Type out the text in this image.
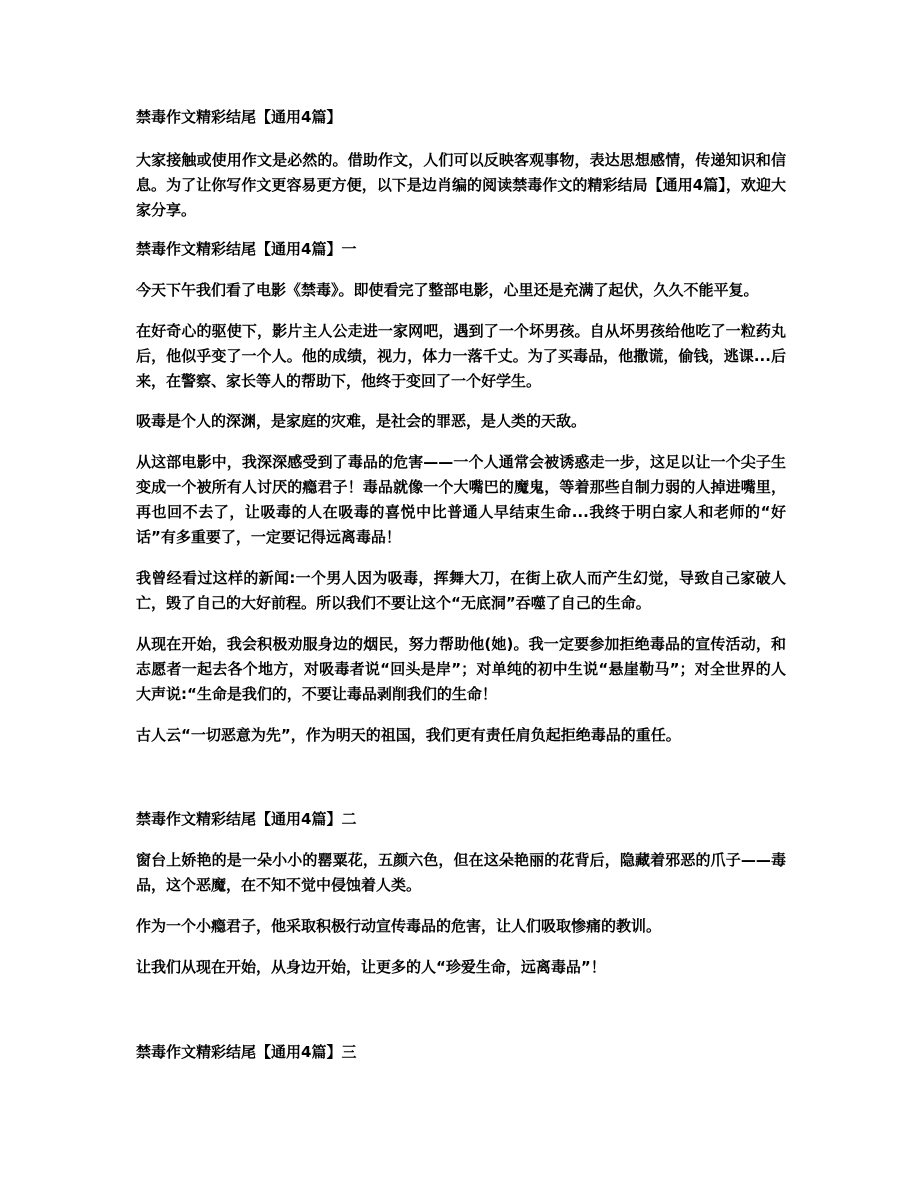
禁毒作文精彩结尾【通用4篇】

大家接触或使用作文是必然的。借助作文，人们可以反映客观事物，表达思想感情，传递知识和信息。为了让你写作文更容易更方便，以下是边肖编的阅读禁毒作文的精彩结局【通用4篇】，欢迎大家分享。

禁毒作文精彩结尾【通用4篇】一

今天下午我们看了电影《禁毒》。即使看完了整部电影，心里还是充满了起伏，久久不能平复。

在好奇心的驱使下，影片主人公走进一家网吧，遇到了一个坏男孩。自从坏男孩给他吃了一粒药丸后，他似乎变了一个人。他的成绩，视力，体力一落千丈。为了买毒品，他撒谎，偷钱，逃课...后来，在警察、家长等人的帮助下，他终于变回了一个好学生。

吸毒是个人的深渊，是家庭的灾难，是社会的罪恶，是人类的天敌。

从这部电影中，我深深感受到了毒品的危害——一个人通常会被诱惑走一步，这足以让一个尖子生变成一个被所有人讨厌的瘾君子！毒品就像一个大嘴巴的魔鬼，等着那些自制力弱的人掉进嘴里，再也回不去了，让吸毒的人在吸毒的喜悦中比普通人早结束生命...我终于明白家人和老师的“好话”有多重要了，一定要记得远离毒品！

我曾经看过这样的新闻:一个男人因为吸毒，挥舞大刀，在街上砍人而产生幻觉，导致自己家破人亡，毁了自己的大好前程。所以我们不要让这个“无底洞”吞噬了自己的生命。

从现在开始，我会积极劝服身边的烟民，努力帮助他(她)。我一定要参加拒绝毒品的宣传活动，和志愿者一起去各个地方，对吸毒者说“回头是岸”；对单纯的初中生说“悬崖勒马”；对全世界的人大声说:“生命是我们的，不要让毒品剥削我们的生命！

古人云“一切恶意为先”，作为明天的祖国，我们更有责任肩负起拒绝毒品的重任。

禁毒作文精彩结尾【通用4篇】二

窗台上娇艳的是一朵小小的罂粟花，五颜六色，但在这朵艳丽的花背后，隐藏着邪恶的爪子——毒品，这个恶魔，在不知不觉中侵蚀着人类。

作为一个小瘾君子，他采取积极行动宣传毒品的危害，让人们吸取惨痛的教训。

让我们从现在开始，从身边开始，让更多的人“珍爱生命，远离毒品”！

禁毒作文精彩结尾【通用4篇】三
